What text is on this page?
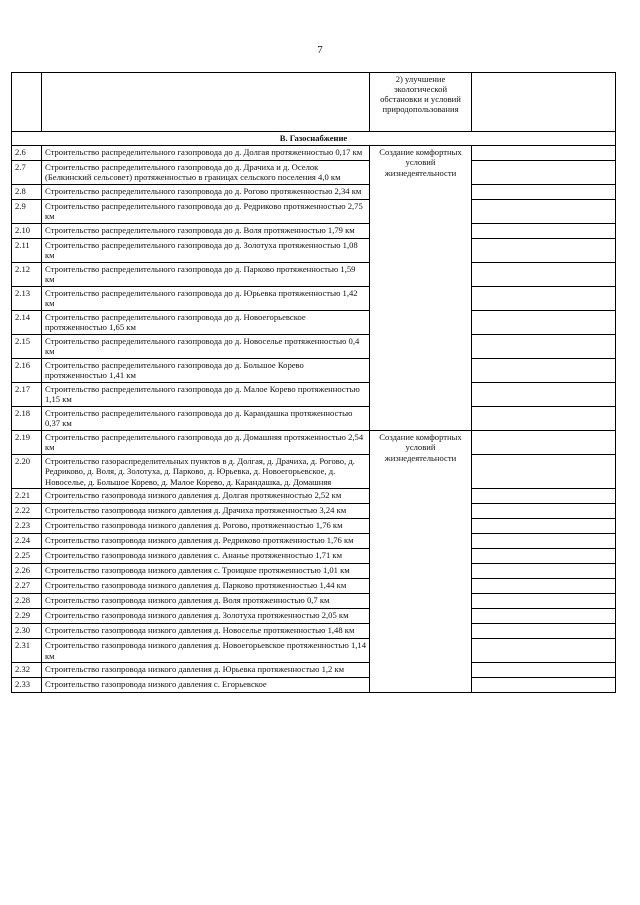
7
		2) улучшение экологической обстановки и условий природопользования	
В. Газоснабжение			
2.6	Строительство распределительного газопровода до д. Долгая протяженностью 0,17 км	Создание комфортных условий жизнедеятельности	
2.7	Строительство распределительного газопровода до д. Драчиха и д. Оселок (Белкинский сельсовет) протяженностью в границах сельского поселения 4,0 км		
2.8	Строительство распределительного газопровода до д. Рогово протяженностью 2,34 км		
2.9	Строительство распределительного газопровода до д. Редриково протяженностью 2,75 км		
2.10	Строительство распределительного газопровода до д. Воля протяженностью 1,79 км		
2.11	Строительство распределительного газопровода до д. Золотуха протяженностью 1,08 км		
2.12	Строительство распределительного газопровода до д. Парково протяженностью 1,59 км		
2.13	Строительство распределительного газопровода до д. Юрьевка протяженностью 1,42 км		
2.14	Строительство распределительного газопровода до д. Новоегорьевское протяженностью 1,65 км		
2.15	Строительство распределительного газопровода до д. Новоселье протяженностью 0,4 км		
2.16	Строительство распределительного газопровода до д. Большое Корево протяженностью 1,41 км		
2.17	Строительство распределительного газопровода до д. Малое Корево протяженностью 1,15 км		
2.18	Строительство распределительного газопровода до д. Карандашка протяженностью 0,37 км		
2.19	Строительство распределительного газопровода до д. Домашняя протяженностью 2,54 км	Создание комфортных условий жизнедеятельности	
2.20	Строительство газораспределительных пунктов в д. Долгая, д. Драчиха, д. Рогово, д. Редриково, д. Воля, д. Золотуха, д. Парково, д. Юрьевка, д. Новоегорьевское, д. Новоселье, д. Большое Корево, д. Малое Корево, д. Карандашка, д. Домашняя		
2.21	Строительство газопровода низкого давления д. Долгая протяженностью 2,52 км		
2.22	Строительство газопровода низкого давления д. Драчиха протяженностью 3,24 км		
2.23	Строительство газопровода низкого давления д. Рогово, протяженностью 1,76 км		
2.24	Строительство газопровода низкого давления д. Редриково протяженностью 1,76 км		
2.25	Строительство газопровода низкого давления с. Ананье протяженностью 1,71 км		
2.26	Строительство газопровода низкого давления с. Троицкое протяженностью 1,01 км		
2.27	Строительство газопровода низкого давления д. Парково протяженностью 1,44 км		
2.28	Строительство газопровода низкого давления д. Воля протяженностью 0,7 км		
2.29	Строительство газопровода низкого давления д. Золотуха протяженностью 2,05 км		
2.30	Строительство газопровода низкого давления д. Новоселье протяженностью 1,48 км		
2.31	Строительство газопровода низкого давления д. Новоегорьевское протяженностью 1,14 км		
2.32	Строительство газопровода низкого давления д. Юрьевка протяженностью 1,2 км		
2.33	Строительство газопровода низкого давления с. Егорьевское		
